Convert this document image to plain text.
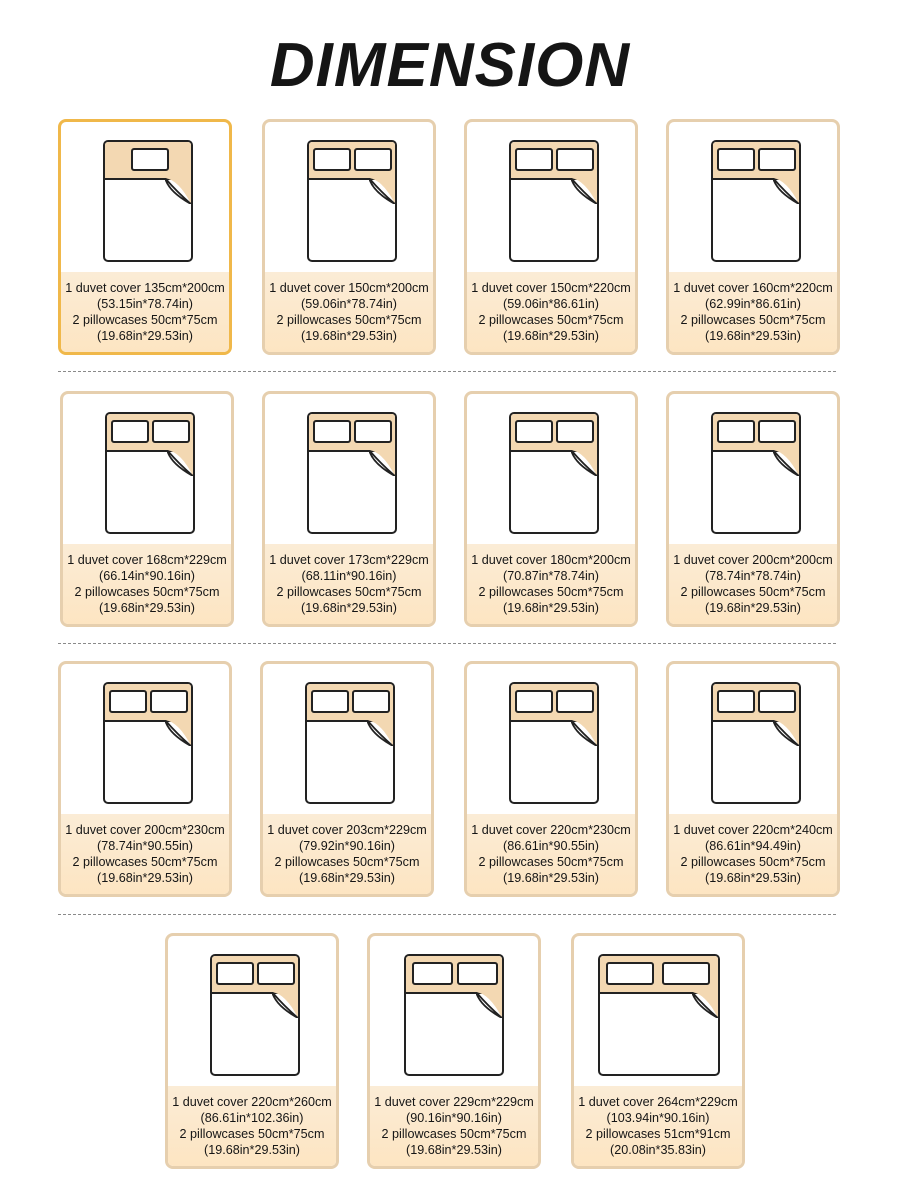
DIMENSION
1 duvet cover 135cm*200cm
(53.15in*78.74in)
2 pillowcases 50cm*75cm
(19.68in*29.53in)
1 duvet cover 150cm*200cm
(59.06in*78.74in)
2 pillowcases 50cm*75cm
(19.68in*29.53in)
1 duvet cover 150cm*220cm
(59.06in*86.61in)
2 pillowcases 50cm*75cm
(19.68in*29.53in)
1 duvet cover 160cm*220cm
(62.99in*86.61in)
2 pillowcases 50cm*75cm
(19.68in*29.53in)
1 duvet cover 168cm*229cm
(66.14in*90.16in)
2 pillowcases 50cm*75cm
(19.68in*29.53in)
1 duvet cover 173cm*229cm
(68.11in*90.16in)
2 pillowcases 50cm*75cm
(19.68in*29.53in)
1 duvet cover 180cm*200cm
(70.87in*78.74in)
2 pillowcases 50cm*75cm
(19.68in*29.53in)
1 duvet cover 200cm*200cm
(78.74in*78.74in)
2 pillowcases 50cm*75cm
(19.68in*29.53in)
1 duvet cover 200cm*230cm
(78.74in*90.55in)
2 pillowcases 50cm*75cm
(19.68in*29.53in)
1 duvet cover 203cm*229cm
(79.92in*90.16in)
2 pillowcases 50cm*75cm
(19.68in*29.53in)
1 duvet cover 220cm*230cm
(86.61in*90.55in)
2 pillowcases 50cm*75cm
(19.68in*29.53in)
1 duvet cover 220cm*240cm
(86.61in*94.49in)
2 pillowcases 50cm*75cm
(19.68in*29.53in)
1 duvet cover 220cm*260cm
(86.61in*102.36in)
2 pillowcases 50cm*75cm
(19.68in*29.53in)
1 duvet cover 229cm*229cm
(90.16in*90.16in)
2 pillowcases 50cm*75cm
(19.68in*29.53in)
1 duvet cover 264cm*229cm
(103.94in*90.16in)
2 pillowcases 51cm*91cm
(20.08in*35.83in)
